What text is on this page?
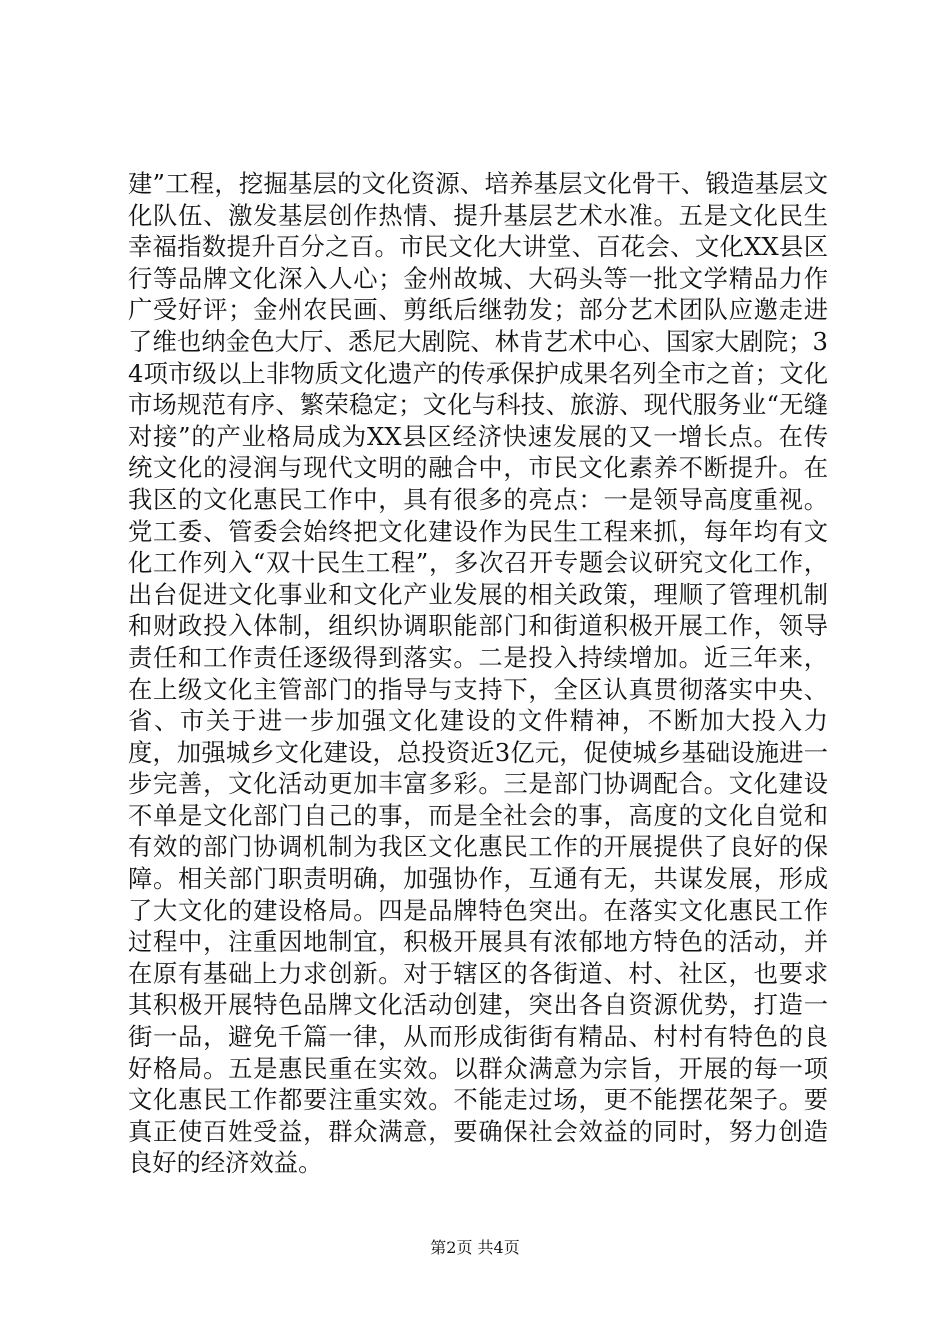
建”工程，挖掘基层的文化资源、培养基层文化骨干、锻造基层文化队伍、激发基层创作热情、提升基层艺术水准。五是文化民生幸福指数提升百分之百。市民文化大讲堂、百花会、文化XX县区行等品牌文化深入人心；金州故城、大码头等一批文学精品力作广受好评；金州农民画、剪纸后继勃发；部分艺术团队应邀走进了维也纳金色大厅、悉尼大剧院、林肯艺术中心、国家大剧院；34项市级以上非物质文化遗产的传承保护成果名列全市之首；文化市场规范有序、繁荣稳定；文化与科技、旅游、现代服务业“无缝对接”的产业格局成为XX县区经济快速发展的又一增长点。在传统文化的浸润与现代文明的融合中，市民文化素养不断提升。在我区的文化惠民工作中，具有很多的亮点：一是领导高度重视。党工委、管委会始终把文化建设作为民生工程来抓，每年均有文化工作列入“双十民生工程”，多次召开专题会议研究文化工作，出台促进文化事业和文化产业发展的相关政策，理顺了管理机制和财政投入体制，组织协调职能部门和街道积极开展工作，领导责任和工作责任逐级得到落实。二是投入持续增加。近三年来，在上级文化主管部门的指导与支持下，全区认真贯彻落实中央、省、市关于进一步加强文化建设的文件精神，不断加大投入力度，加强城乡文化建设，总投资近3亿元，促使城乡基础设施进一步完善，文化活动更加丰富多彩。三是部门协调配合。文化建设不单是文化部门自己的事，而是全社会的事，高度的文化自觉和有效的部门协调机制为我区文化惠民工作的开展提供了良好的保障。相关部门职责明确，加强协作，互通有无，共谋发展，形成了大文化的建设格局。四是品牌特色突出。在落实文化惠民工作过程中，注重因地制宜，积极开展具有浓郁地方特色的活动，并在原有基础上力求创新。对于辖区的各街道、村、社区，也要求其积极开展特色品牌文化活动创建，突出各自资源优势，打造一街一品，避免千篇一律，从而形成街街有精品、村村有特色的良好格局。五是惠民重在实效。以群众满意为宗旨，开展的每一项文化惠民工作都要注重实效。不能走过场，更不能摆花架子。要真正使百姓受益，群众满意，要确保社会效益的同时，努力创造良好的经济效益。

第2页 共4页
